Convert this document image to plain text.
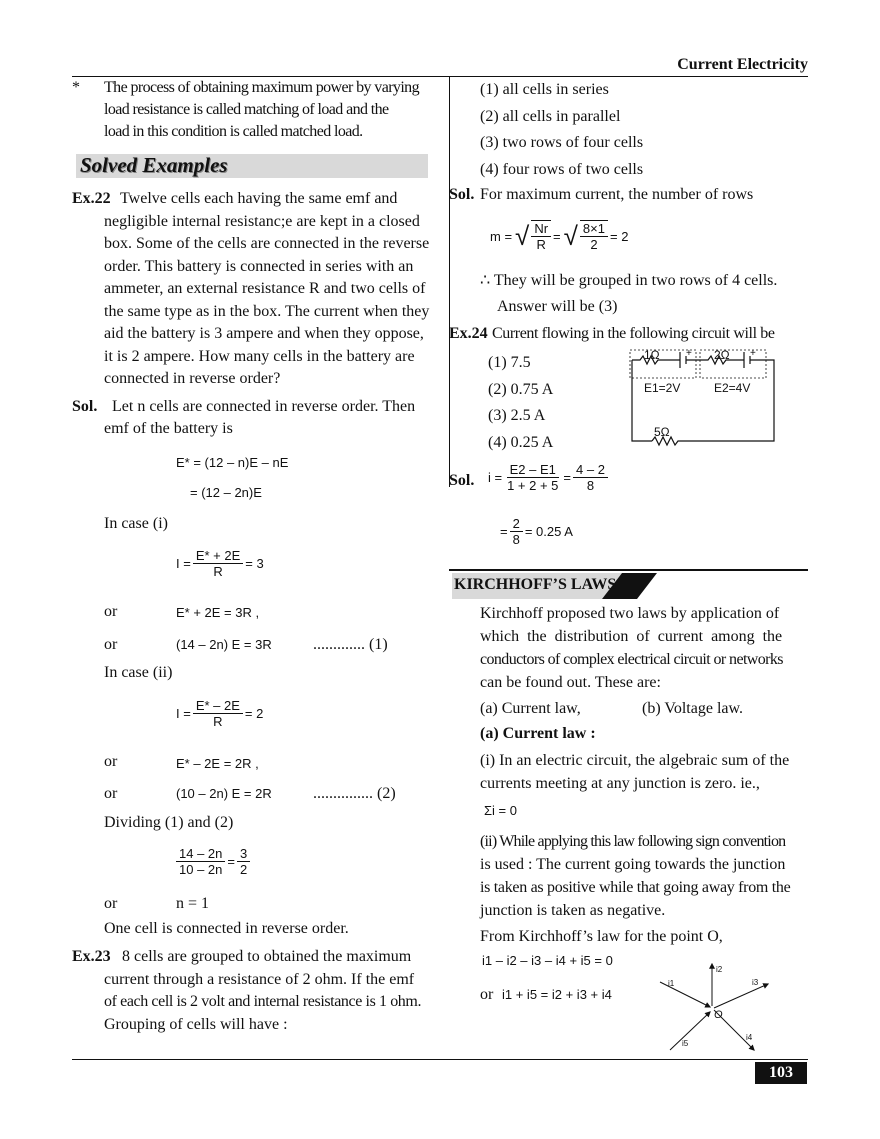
Current Electricity
* The process of obtaining maximum power by varying
load resistance is called matching of load and the
load in this condition is called matched load.
Solved Examples
Ex.22 Twelve cells each having the same emf and
negligible internal resistanc;e are kept in a closed
box. Some of the cells are connected in the reverse
order. This battery is connected in series with an
ammeter, an external resistance R and two cells of
the same type as in the box. The current when they
aid the battery is 3 ampere and when they oppose,
it is 2 ampere. How many cells in the battery are
connected in reverse order?
Sol. Let n cells are connected in reverse order. Then
emf of the battery is
E* = (12 – n)E – nE
= (12 – 2n)E
In case (i)
$I = \frac{E* + 2E}{R} = 3$
or	E* + 2E = 3R ,
or	(14 – 2n) E = 3R	............. (1)
In case (ii)
$I = \frac{E* - 2E}{R} = 2$
or	E* – 2E = 2R ,
or	(10 – 2n) E = 2R	............... (2)
Dividing (1) and (2)
$\frac{14 - 2n}{10 - 2n} = \frac{3}{2}$
or	n = 1
One cell is connected in reverse order.
Ex.23 8 cells are grouped to obtained the maximum
current through a resistance of 2 ohm. If the emf
of each cell is 2 volt and internal resistance is 1 ohm.
Grouping of cells will have :
(1) all cells in series
(2) all cells in parallel
(3) two rows of four cells
(4) four rows of two cells
Sol. For maximum current, the number of rows
m = √ $\frac{Nr}{R}$ = √ $\frac{8\times 1}{2} = 2$
∴ They will be grouped in two rows of 4 cells.
Answer will be (3)
Ex.24 Current flowing in the following circuit will be
(1) 7.5
(2) 0.75 A
(3) 2.5 A
(4) 0.25 A
1Ω	2Ω
+	+
E1=2V	E2=4V
5Ω
Sol. $i = \frac{E2 - E1}{1 + 2 + 5} = \frac{4 - 2}{8}$
= $\frac{2}{8} = 0.25$ A
KIRCHHOFF’S LAWS
Kirchhoff proposed two laws by application of
which the distribution of current among the
conductors of complex electrical circuit or networks
can be found out. These are:
(a) Current law,	(b) Voltage law.
(a) Current law :
(i) In an electric circuit, the algebraic sum of the
currents meeting at any junction is zero. ie.,
Σi = 0
(ii) While applying this law following sign convention
is used : The current going towards the junction
is taken as positive while that going away from the
junction is taken as negative.
From Kirchhoff’s law for the point O,
i1 – i2 – i3 – i4 + i5 = 0
or i1 + i5 = i2 + i3 + i4
O
i1
i2
i3
i4
i5
103
